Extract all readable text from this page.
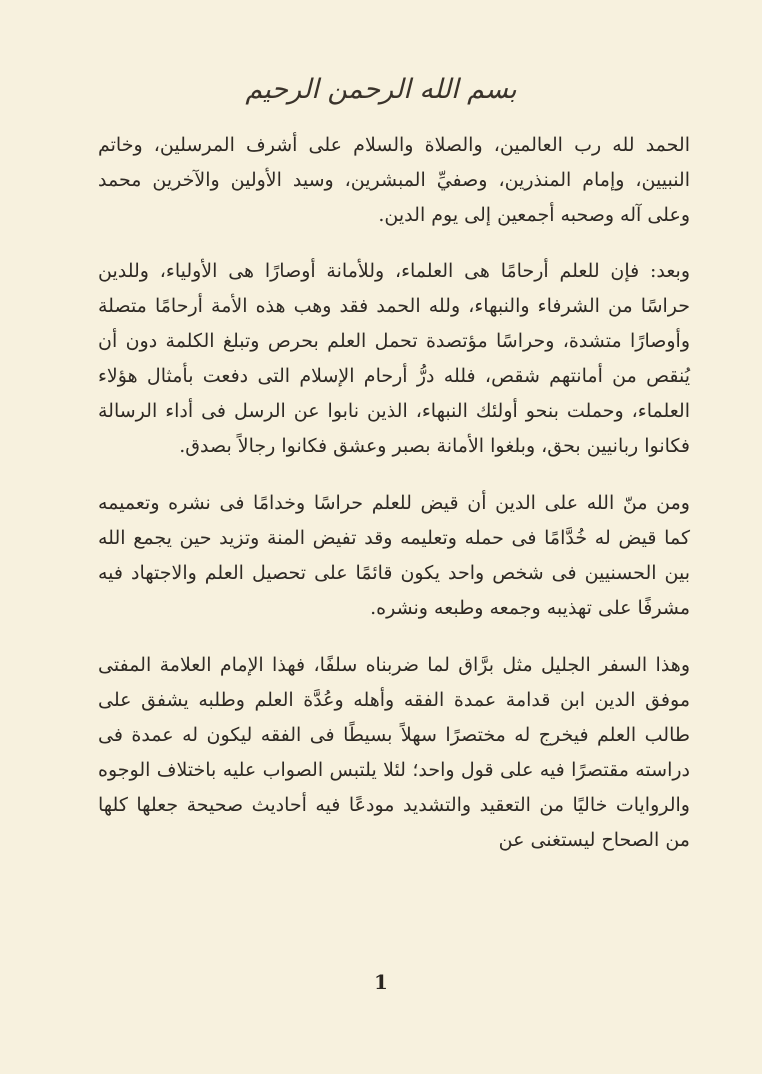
بسم الله الرحمن الرحيم

الحمد لله رب العالمين، والصلاة والسلام على أشرف المرسلين، وخاتم النبيين، وإمام المنذرين، وصفيِّ المبشرين، وسيد الأولين والآخرين محمد وعلى آله وصحبه أجمعين إلى يوم الدين.

وبعد: فإن للعلم أرحامًا هى العلماء، وللأمانة أوصارًا هى الأولياء، وللدين حراسًا من الشرفاء والنبهاء، ولله الحمد فقد وهب هذه الأمة أرحامًا متصلة وأوصارًا متشدة، وحراسًا مؤتصدة تحمل العلم بحرص وتبلغ الكلمة دون أن يُنقص من أمانتهم شقص، فلله درُّ أرحام الإسلام التى دفعت بأمثال هؤلاء العلماء، وحملت بنحو أولئك النبهاء، الذين نابوا عن الرسل فى أداء الرسالة فكانوا ربانيين بحق، وبلغوا الأمانة بصبر وعشق فكانوا رجالاً بصدق.

ومن منّ الله على الدين أن قيض للعلم حراسًا وخدامًا فى نشره وتعميمه كما قيض له خُدَّامًا فى حمله وتعليمه وقد تفيض المنة وتزيد حين يجمع الله بين الحسنيين فى شخص واحد يكون قائمًا على تحصيل العلم والاجتهاد فيه مشرفًا على تهذيبه وجمعه وطبعه ونشره.

وهذا السفر الجليل مثل برَّاق لما ضربناه سلفًا، فهذا الإمام العلامة المفتى موفق الدين ابن قدامة عمدة الفقه وأهله وعُدَّة العلم وطلبه يشفق على طالب العلم فيخرج له مختصرًا سهلاً بسيطًا فى الفقه ليكون له عمدة فى دراسته مقتصرًا فيه على قول واحد؛ لئلا يلتبس الصواب عليه باختلاف الوجوه والروايات خاليًا من التعقيد والتشديد مودعًا فيه أحاديث صحيحة جعلها كلها من الصحاح ليستغنى عن

1
